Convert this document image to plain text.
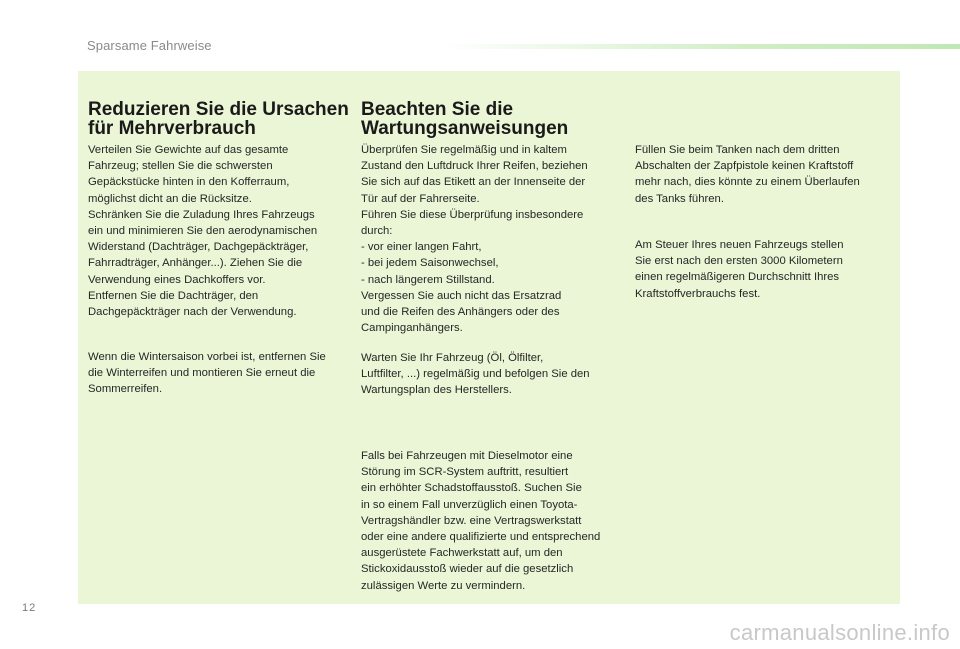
Sparsame Fahrweise
Reduzieren Sie die Ursachen
für Mehrverbrauch

Verteilen Sie Gewichte auf das gesamte
Fahrzeug; stellen Sie die schwersten
Gepäckstücke hinten in den Kofferraum,
möglichst dicht an die Rücksitze.
Schränken Sie die Zuladung Ihres Fahrzeugs
ein und minimieren Sie den aerodynamischen
Widerstand (Dachträger, Dachgepäckträger,
Fahrradträger, Anhänger...). Ziehen Sie die
Verwendung eines Dachkoffers vor.
Entfernen Sie die Dachträger, den
Dachgepäckträger nach der Verwendung.

Wenn die Wintersaison vorbei ist, entfernen Sie
die Winterreifen und montieren Sie erneut die
Sommerreifen.

Beachten Sie die
Wartungsanweisungen

Überprüfen Sie regelmäßig und in kaltem
Zustand den Luftdruck Ihrer Reifen, beziehen
Sie sich auf das Etikett an der Innenseite der
Tür auf der Fahrerseite.
Führen Sie diese Überprüfung insbesondere
durch:
- vor einer langen Fahrt,
- bei jedem Saisonwechsel,
- nach längerem Stillstand.
Vergessen Sie auch nicht das Ersatzrad
und die Reifen des Anhängers oder des
Campinganhängers.

Warten Sie Ihr Fahrzeug (Öl, Ölfilter,
Luftfilter, ...) regelmäßig und befolgen Sie den
Wartungsplan des Herstellers.

Falls bei Fahrzeugen mit Dieselmotor eine
Störung im SCR-System auftritt, resultiert
ein erhöhter Schadstoffausstoß. Suchen Sie
in so einem Fall unverzüglich einen Toyota-
Vertragshändler bzw. eine Vertragswerkstatt
oder eine andere qualifizierte und entsprechend
ausgerüstete Fachwerkstatt auf, um den
Stickoxidausstoß wieder auf die gesetzlich
zulässigen Werte zu vermindern.

Füllen Sie beim Tanken nach dem dritten
Abschalten der Zapfpistole keinen Kraftstoff
mehr nach, dies könnte zu einem Überlaufen
des Tanks führen.

Am Steuer Ihres neuen Fahrzeugs stellen
Sie erst nach den ersten 3000 Kilometern
einen regelmäßigeren Durchschnitt Ihres
Kraftstoffverbrauchs fest.

12
carmanualsonline.info
